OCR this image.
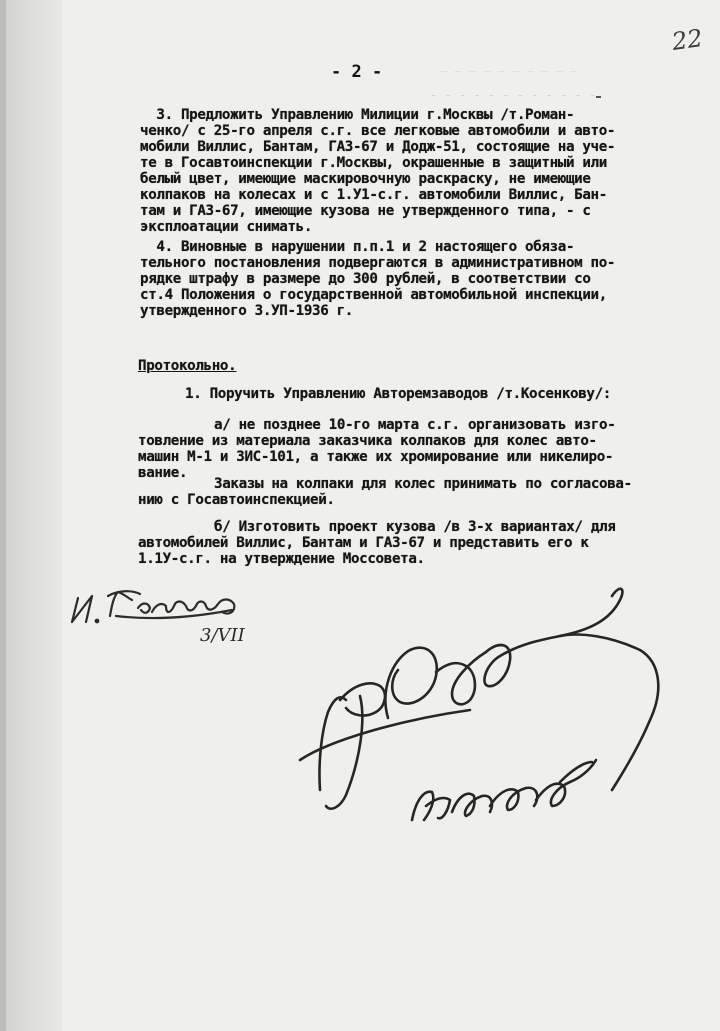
_ _ _ _ _ _ _ _ _ _
- - - - - - - - - - - -
- 2 -
22
3. Предложить Управлению Милиции г.Москвы /т.Роман-
ченко/ с 25-го апреля с.г. все легковые автомобили и авто-
мобили Виллис, Бантам, ГАЗ-67 и Додж-51, состоящие на уче-
те в Госавтоинспекции г.Москвы, окрашенные в защитный или
белый цвет, имеющие маскировочную раскраску, не имеющие
колпаков на колесах и с 1.У1-с.г. автомобили Виллис, Бан-
там и ГАЗ-67, имеющие кузова не утвержденного типа, - с
эксплоатации снимать.
4. Виновные в нарушении п.п.1 и 2 настоящего обяза-
тельного постановления подвергаются в административном по-
рядке штрафу в размере до 300 рублей, в соответствии со
ст.4 Положения о государственной автомобильной инспекции,
утвержденного 3.УП-1936 г.
Протокольно.
1. Поручить Управлению Авторемзаводов /т.Косенкову/:
а/ не позднее 10-го марта с.г. организовать изго-
товление из материала заказчика колпаков для колес авто-
машин М-1 и ЗИС-101, а также их хромирование или никелиро-
вание.
Заказы на колпаки для колес принимать по согласова-
нию с Госавтоинспекцией.
б/ Изготовить проект кузова /в 3-х вариантах/ для
автомобилей Виллис, Бантам и ГАЗ-67 и представить его к
1.1У-с.г. на утверждение Моссовета.
3/VII
